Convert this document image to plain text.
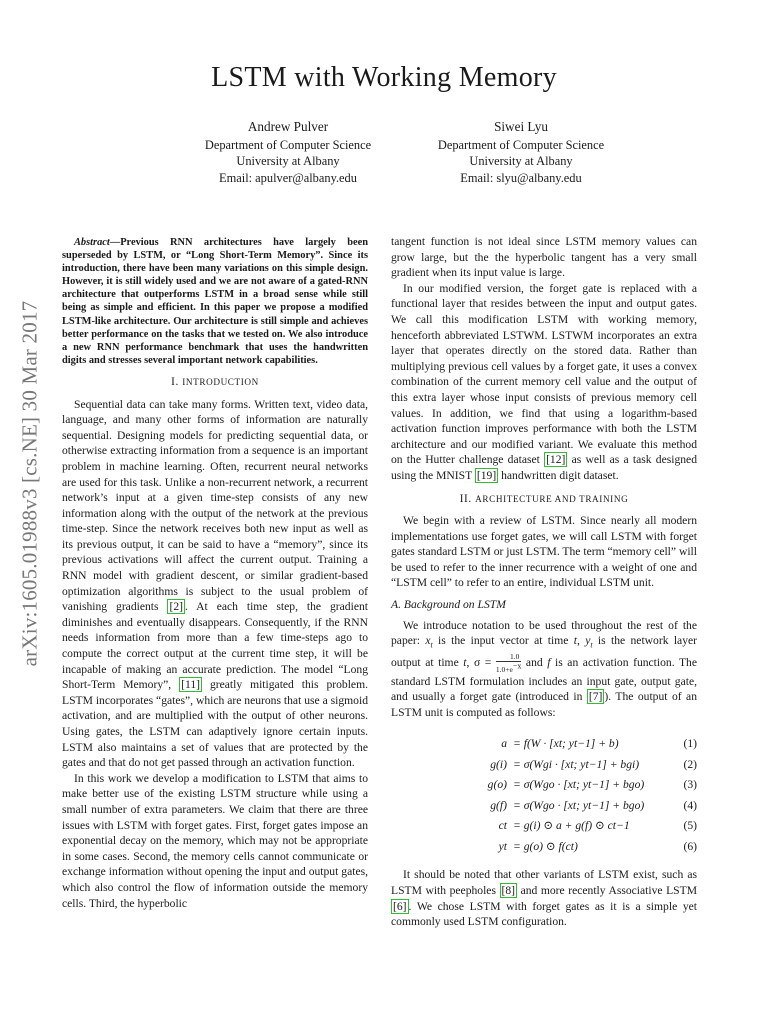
arXiv:1605.01988v3 [cs.NE] 30 Mar 2017
LSTM with Working Memory
Andrew Pulver
Department of Computer Science
University at Albany
Email: apulver@albany.edu
Siwei Lyu
Department of Computer Science
University at Albany
Email: slyu@albany.edu

Abstract—Previous RNN architectures have largely been superseded by LSTM, or “Long Short-Term Memory”. Since its introduction, there have been many variations on this simple design. However, it is still widely used and we are not aware of a gated-RNN architecture that outperforms LSTM in a broad sense while still being as simple and efficient. In this paper we propose a modified LSTM-like architecture. Our architecture is still simple and achieves better performance on the tasks that we tested on. We also introduce a new RNN performance benchmark that uses the handwritten digits and stresses several important network capabilities.

I. INTRODUCTION

Sequential data can take many forms. Written text, video data, language, and many other forms of information are naturally sequential. Designing models for predicting sequential data, or otherwise extracting information from a sequence is an important problem in machine learning. Often, recurrent neural networks are used for this task. Unlike a non-recurrent network, a recurrent network’s input at a given time-step consists of any new information along with the output of the network at the previous time-step. Since the network receives both new input as well as its previous output, it can be said to have a “memory”, since its previous activations will affect the current output. Training a RNN model with gradient descent, or similar gradient-based optimization algorithms is subject to the usual problem of vanishing gradients [2] . At each time step, the gradient diminishes and eventually disappears. Consequently, if the RNN needs information from more than a few time-steps ago to compute the correct output at the current time step, it will be incapable of making an accurate prediction. The model “Long Short-Term Memory”, [11] greatly mitigated this problem. LSTM incorporates “gates”, which are neurons that use a sigmoid activation, and are multiplied with the output of other neurons. Using gates, the LSTM can adaptively ignore certain inputs. LSTM also maintains a set of values that are protected by the gates and that do not get passed through an activation function.

In this work we develop a modification to LSTM that aims to make better use of the existing LSTM structure while using a small number of extra parameters. We claim that there are three issues with LSTM with forget gates. First, forget gates impose an exponential decay on the memory, which may not be appropriate in some cases. Second, the memory cells cannot communicate or exchange information without opening the input and output gates, which also control the flow of information outside the memory cells. Third, the hyperbolic

tangent function is not ideal since LSTM memory values can grow large, but the the hyperbolic tangent has a very small gradient when its input value is large.

In our modified version, the forget gate is replaced with a functional layer that resides between the input and output gates. We call this modification LSTM with working memory, henceforth abbreviated LSTWM. LSTWM incorporates an extra layer that operates directly on the stored data. Rather than multiplying previous cell values by a forget gate, it uses a convex combination of the current memory cell value and the output of this extra layer whose input consists of previous memory cell values. In addition, we find that using a logarithm-based activation function improves performance with both the LSTM architecture and our modified variant. We evaluate this method on the Hutter challenge dataset [12] as well as a task designed using the MNIST [19] handwritten digit dataset.

II. ARCHITECTURE AND TRAINING

We begin with a review of LSTM. Since nearly all modern implementations use forget gates, we will call LSTM with forget gates standard LSTM or just LSTM. The term “memory cell” will be used to refer to the inner recurrence with a weight of one and “LSTM cell” to refer to an entire, individual LSTM unit.

A. Background on LSTM

We introduce notation to be used throughout the rest of the paper: $x_t$ is the input vector at time t, $y_t$ is the network layer output at time t, $\sigma = \frac{1.0}{1.0+e^{-x}}$ and f is an activation function. The standard LSTM formulation includes an input gate, output gate, and usually a forget gate (introduced in [7] ). The output of an LSTM unit is computed as follows:

a = f(W · [xt; yt−1] + b)	(1)
g(i) = σ(Wgi · [xt; yt−1] + bgi)	(2)
g(o) = σ(Wgo · [xt; yt−1] + bgo)	(3)
g(f) = σ(Wgo · [xt; yt−1] + bgo)	(4)
ct = g(i) ⊙ a + g(f) ⊙ ct−1	(5)
yt = g(o) ⊙ f(ct)	(6)

It should be noted that other variants of LSTM exist, such as LSTM with peepholes [8] and more recently Associative LSTM [6] . We chose LSTM with forget gates as it is a simple yet commonly used LSTM configuration.
